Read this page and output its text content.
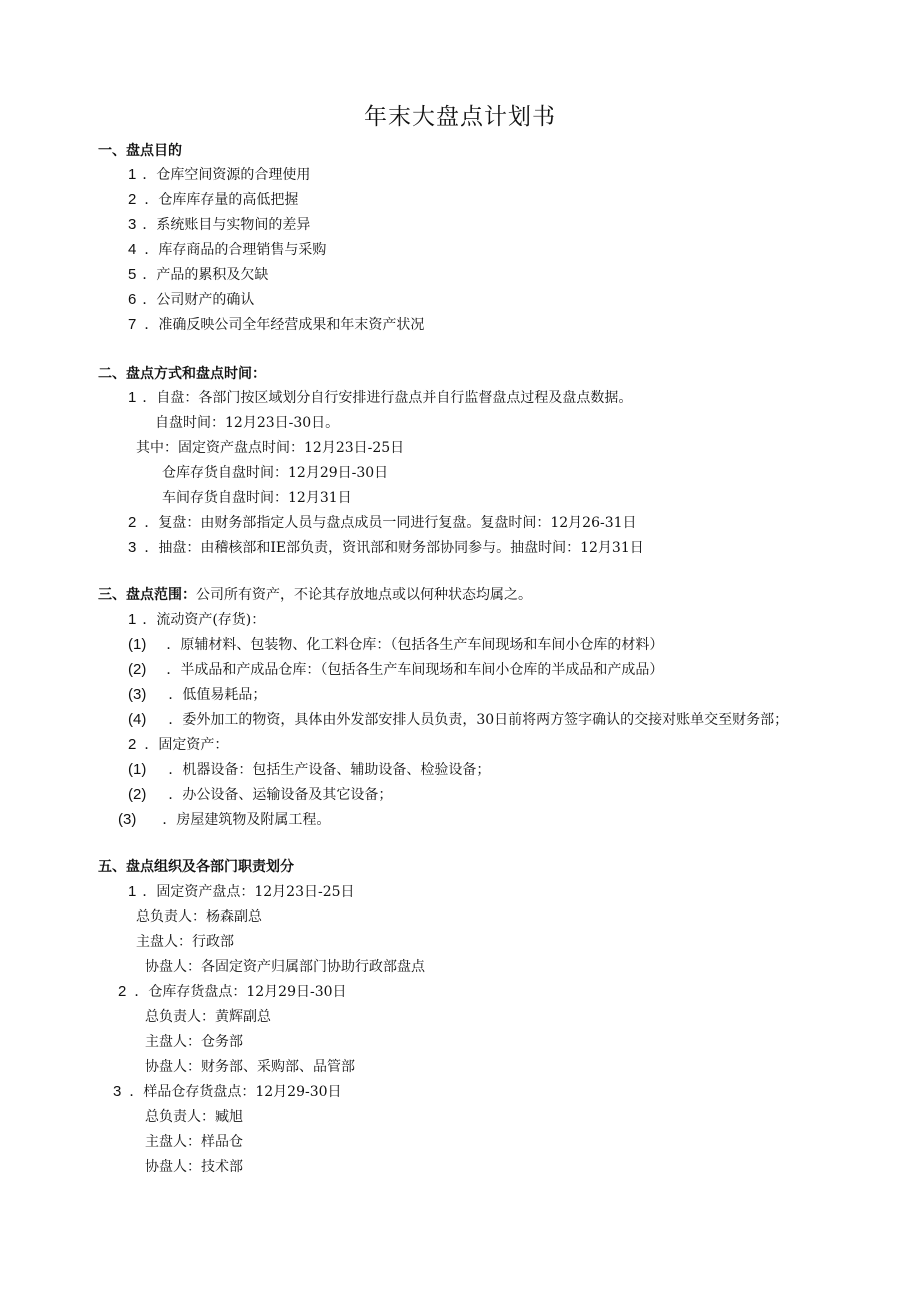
年末大盘点计划书
一、盘点目的
1 ．仓库空间资源的合理使用
2 ．仓库库存量的高低把握
3 ．系统账目与实物间的差异
4 ．库存商品的合理销售与采购
5 ．产品的累积及欠缺
6 ．公司财产的确认
7 ．准确反映公司全年经营成果和年末资产状况
二、盘点方式和盘点时间：
1 ．自盘：各部门按区域划分自行安排进行盘点并自行监督盘点过程及盘点数据。
自盘时间：12月23日-30日。
其中：固定资产盘点时间：12月23日-25日
仓库存货自盘时间：12月29日-30日
车间存货自盘时间：12月31日
2 ．复盘：由财务部指定人员与盘点成员一同进行复盘。复盘时间：12月26-31日
3 ．抽盘：由稽核部和IE部负责，资讯部和财务部协同参与。抽盘时间：12月31日
三、盘点范围：公司所有资产，不论其存放地点或以何种状态均属之。
1 ．流动资产(存货)：
(1) ．原辅材料、包装物、化工料仓库：（包括各生产车间现场和车间小仓库的材料）
(2) ．半成品和产成品仓库：（包括各生产车间现场和车间小仓库的半成品和产成品）
(3) ．低值易耗品；
(4) ．委外加工的物资，具体由外发部安排人员负责，30日前将两方签字确认的交接对账单交至财务部；
2 ．固定资产：
(1) ．机器设备：包括生产设备、辅助设备、检验设备；
(2) ．办公设备、运输设备及其它设备；
(3) ．房屋建筑物及附属工程。
五、盘点组织及各部门职责划分
1 ．固定资产盘点：12月23日-25日
总负责人：杨森副总
主盘人：行政部
协盘人：各固定资产归属部门协助行政部盘点
2 ．仓库存货盘点：12月29日-30日
总负责人：黄辉副总
主盘人：仓务部
协盘人：财务部、采购部、品管部
3 ．样品仓存货盘点：12月29-30日
总负责人：臧旭
主盘人：样品仓
协盘人：技术部
